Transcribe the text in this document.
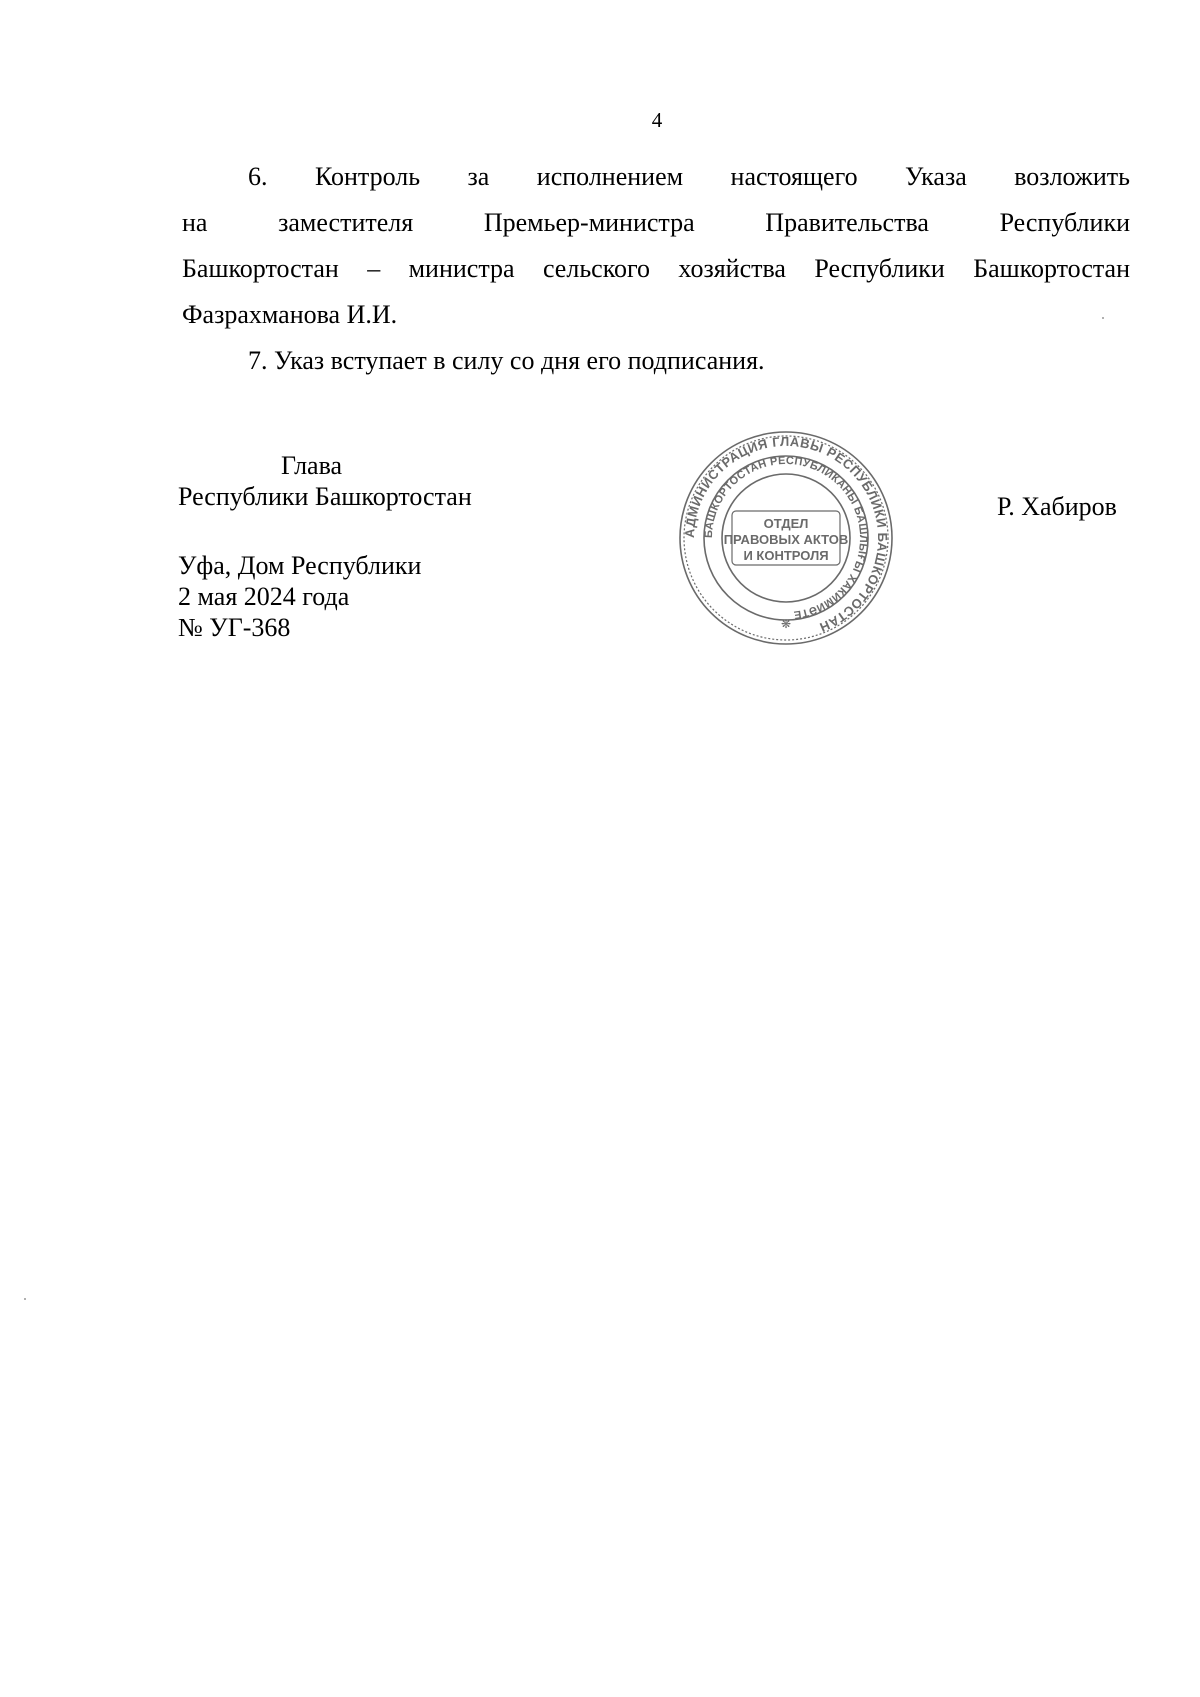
4
6. Контроль за исполнением настоящего Указа возложить
на заместителя Премьер-министра Правительства Республики
Башкортостан – министра сельского хозяйства Республики Башкортостан
Фазрахманова И.И.
7. Указ вступает в силу со дня его подписания.
Глава
Республики Башкортостан	Р. Хабиров
Уфа, Дом Республики
2 мая 2024 года
№ УГ-368
АДМИНИСТРАЦИЯ ГЛАВЫ РЕСПУБЛИКИ БАШКОРТОСТАН
БАШКОРТОСТАН РЕСПУБЛИКАНЫ БАШЛЫҒЫ ХАКИМИӘТЕ
ОТДЕЛ
ПРАВОВЫХ АКТОВ
И КОНТРОЛЯ
❋
